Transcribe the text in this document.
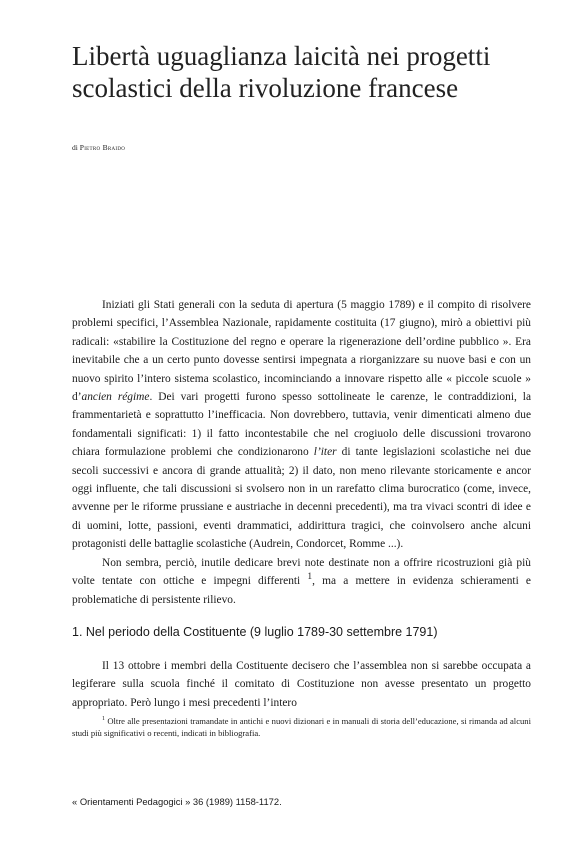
Libertà uguaglianza laicità nei progetti scolastici della rivoluzione francese

di Pietro Braido

Iniziati gli Stati generali con la seduta di apertura (5 maggio 1789) e il compito di risolvere problemi specifici, l’Assemblea Nazionale, rapidamente costituita (17 giugno), mirò a obiettivi più radicali: «stabilire la Costituzione del regno e operare la rigenerazione dell’ordine pubblico ». Era inevitabile che a un certo punto dovesse sentirsi impegnata a riorganizzare su nuove basi e con un nuovo spirito l’intero sistema scolastico, incominciando a innovare rispetto alle « piccole scuole » d’ancien régime. Dei vari progetti furono spesso sottolineate le carenze, le contraddizioni, la frammentarietà e soprattutto l’inefficacia. Non dovrebbero, tuttavia, venir dimenticati almeno due fondamentali significati: 1) il fatto incontestabile che nel crogiuolo delle discussioni trovarono chiara formulazione problemi che condizionarono l’iter di tante legislazioni scolastiche nei due secoli successivi e ancora di grande attualità; 2) il dato, non meno rilevante storicamente e ancor oggi influente, che tali discussioni si svolsero non in un rarefatto clima burocratico (come, invece, avvenne per le riforme prussiane e austriache in decenni precedenti), ma tra vivaci scontri di idee e di uomini, lotte, passioni, eventi drammatici, addirittura tragici, che coinvolsero anche alcuni protagonisti delle battaglie scolastiche (Audrein, Condorcet, Romme ...).

Non sembra, perciò, inutile dedicare brevi note destinate non a offrire ricostruzioni già più volte tentate con ottiche e impegni differenti $^1$, ma a mettere in evidenza schieramenti e problematiche di persistente rilievo.

1. Nel periodo della Costituente (9 luglio 1789-30 settembre 1791)

Il 13 ottobre i membri della Costituente decisero che l’assemblea non si sarebbe occupata a legiferare sulla scuola finché il comitato di Costituzione non avesse presentato un progetto appropriato. Però lungo i mesi precedenti l’intero

$^1$ Oltre alle presentazioni tramandate in antichi e nuovi dizionari e in manuali di storia dell’educazione, si rimanda ad alcuni studi più significativi o recenti, indicati in bibliografia.

« Orientamenti Pedagogici » 36 (1989) 1158-1172.
